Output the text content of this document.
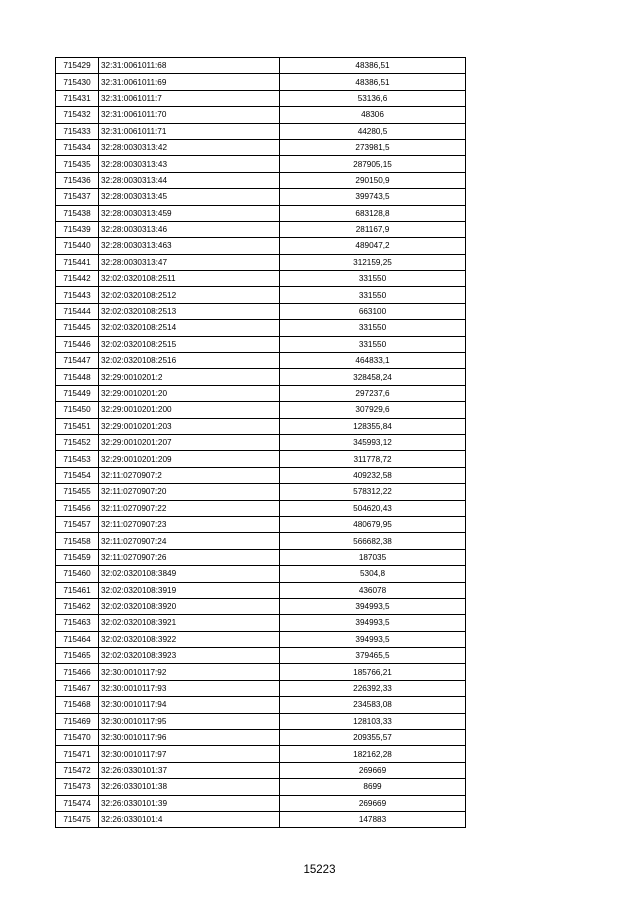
715429	32:31:0061011:68	48386,51
715430	32:31:0061011:69	48386,51
715431	32:31:0061011:7	53136,6
715432	32:31:0061011:70	48306
715433	32:31:0061011:71	44280,5
715434	32:28:0030313:42	273981,5
715435	32:28:0030313:43	287905,15
715436	32:28:0030313:44	290150,9
715437	32:28:0030313:45	399743,5
715438	32:28:0030313:459	683128,8
715439	32:28:0030313:46	281167,9
715440	32:28:0030313:463	489047,2
715441	32:28:0030313:47	312159,25
715442	32:02:0320108:2511	331550
715443	32:02:0320108:2512	331550
715444	32:02:0320108:2513	663100
715445	32:02:0320108:2514	331550
715446	32:02:0320108:2515	331550
715447	32:02:0320108:2516	464833,1
715448	32:29:0010201:2	328458,24
715449	32:29:0010201:20	297237,6
715450	32:29:0010201:200	307929,6
715451	32:29:0010201:203	128355,84
715452	32:29:0010201:207	345993,12
715453	32:29:0010201:209	311778,72
715454	32:11:0270907:2	409232,58
715455	32:11:0270907:20	578312,22
715456	32:11:0270907:22	504620,43
715457	32:11:0270907:23	480679,95
715458	32:11:0270907:24	566682,38
715459	32:11:0270907:26	187035
715460	32:02:0320108:3849	5304,8
715461	32:02:0320108:3919	436078
715462	32:02:0320108:3920	394993,5
715463	32:02:0320108:3921	394993,5
715464	32:02:0320108:3922	394993,5
715465	32:02:0320108:3923	379465,5
715466	32:30:0010117:92	185766,21
715467	32:30:0010117:93	226392,33
715468	32:30:0010117:94	234583,08
715469	32:30:0010117:95	128103,33
715470	32:30:0010117:96	209355,57
715471	32:30:0010117:97	182162,28
715472	32:26:0330101:37	269669
715473	32:26:0330101:38	8699
715474	32:26:0330101:39	269669
715475	32:26:0330101:4	147883
15223
